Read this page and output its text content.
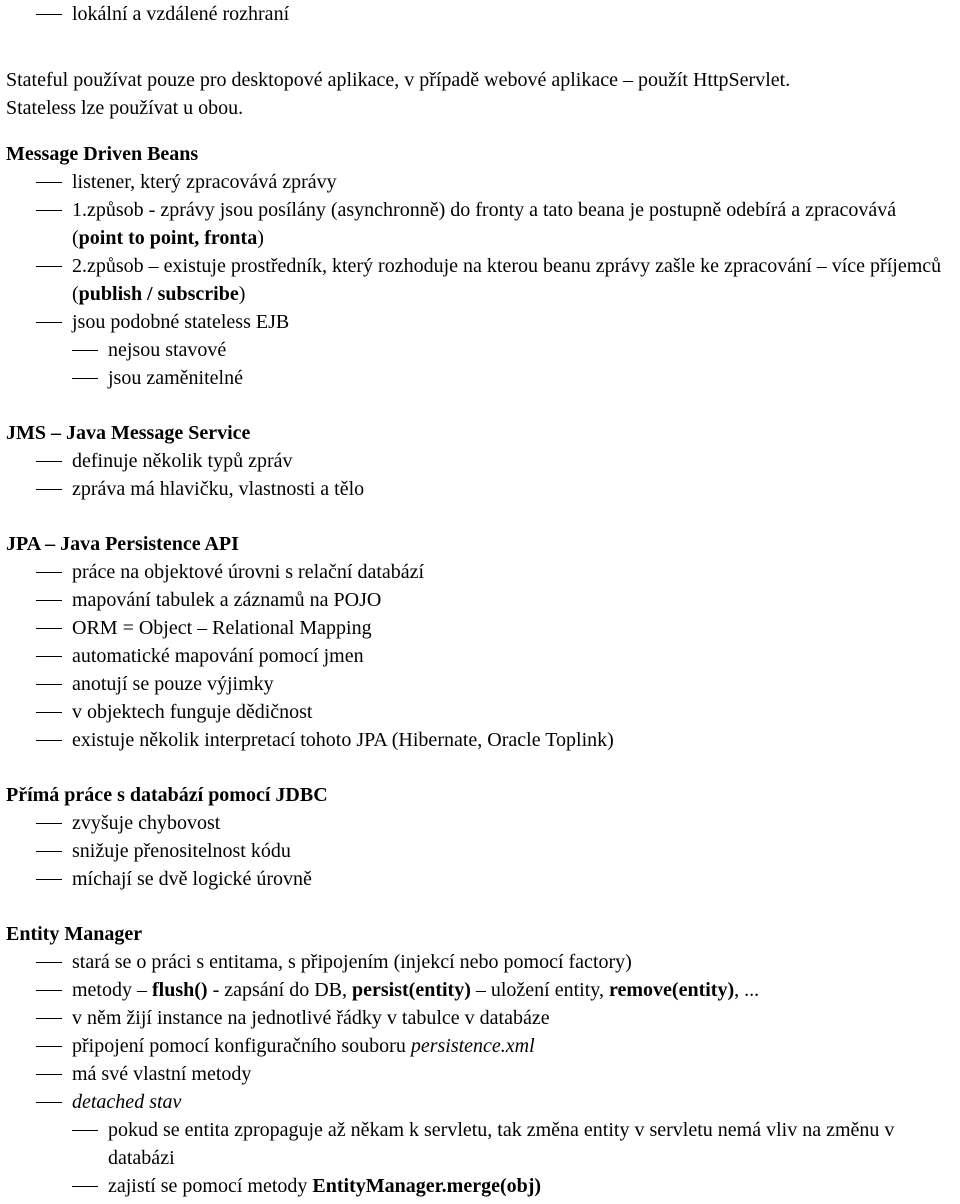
lokální a vzdálené rozhraní
Stateful používat pouze pro desktopové aplikace, v případě webové aplikace – použít HttpServlet.
Stateless lze používat u obou.
Message Driven Beans
listener, který zpracovává zprávy
1.způsob - zprávy jsou posílány (asynchronně) do fronty a tato beana je postupně odebírá a zpracovává (point to point, fronta)
2.způsob – existuje prostředník, který rozhoduje na kterou beanu zprávy zašle ke zpracování – více příjemců (publish / subscribe)
jsou podobné stateless EJB
nejsou stavové
jsou zaměnitelné
JMS – Java Message Service
definuje několik typů zpráv
zpráva má hlavičku, vlastnosti a tělo
JPA – Java Persistence API
práce na objektové úrovni s relační databází
mapování tabulek a záznamů na POJO
ORM = Object – Relational Mapping
automatické mapování pomocí jmen
anotují se pouze výjimky
v objektech funguje dědičnost
existuje několik interpretací tohoto JPA (Hibernate, Oracle Toplink)
Přímá práce s databází pomocí JDBC
zvyšuje chybovost
snižuje přenositelnost kódu
míchají se dvě logické úrovně
Entity Manager
stará se o práci s entitama, s připojením (injekcí nebo pomocí factory)
metody – flush() - zapsání do DB, persist(entity) – uložení entity, remove(entity), ...
v něm žijí instance na jednotlivé řádky v tabulce v databáze
připojení pomocí konfiguračního souboru persistence.xml
má své vlastní metody
detached stav
pokud se entita zpropaguje až někam k servletu, tak změna entity v servletu nemá vliv na změnu v databázi
zajistí se pomocí metody EntityManager.merge(obj)
